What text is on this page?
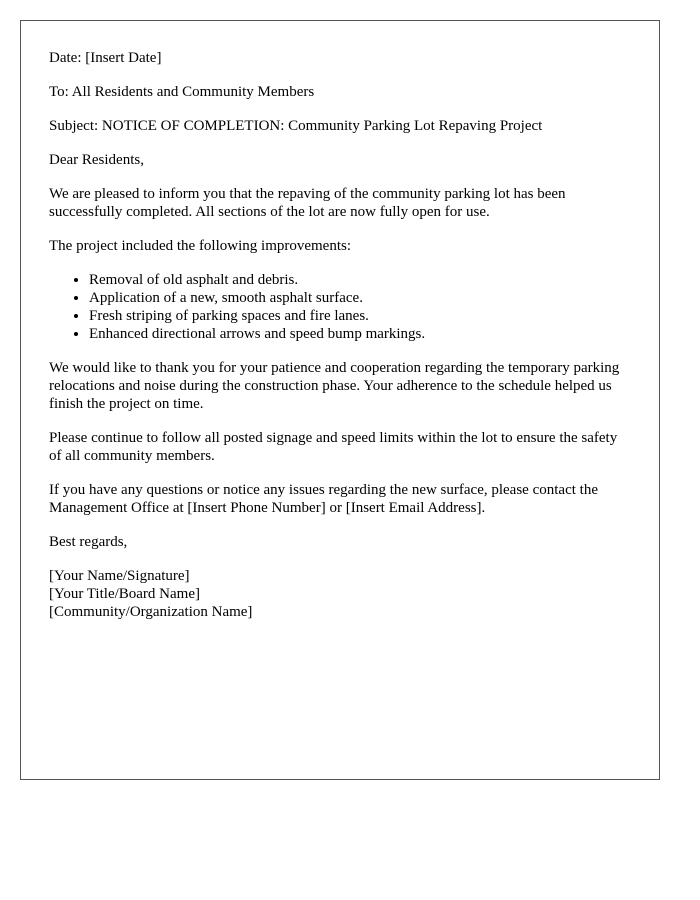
Date: [Insert Date]

To: All Residents and Community Members

Subject: NOTICE OF COMPLETION: Community Parking Lot Repaving Project

Dear Residents,

We are pleased to inform you that the repaving of the community parking lot has been successfully completed. All sections of the lot are now fully open for use.

The project included the following improvements:

• Removal of old asphalt and debris.
• Application of a new, smooth asphalt surface.
• Fresh striping of parking spaces and fire lanes.
• Enhanced directional arrows and speed bump markings.

We would like to thank you for your patience and cooperation regarding the temporary parking relocations and noise during the construction phase. Your adherence to the schedule helped us finish the project on time.

Please continue to follow all posted signage and speed limits within the lot to ensure the safety of all community members.

If you have any questions or notice any issues regarding the new surface, please contact the Management Office at [Insert Phone Number] or [Insert Email Address].

Best regards,

[Your Name/Signature]
[Your Title/Board Name]
[Community/Organization Name]
